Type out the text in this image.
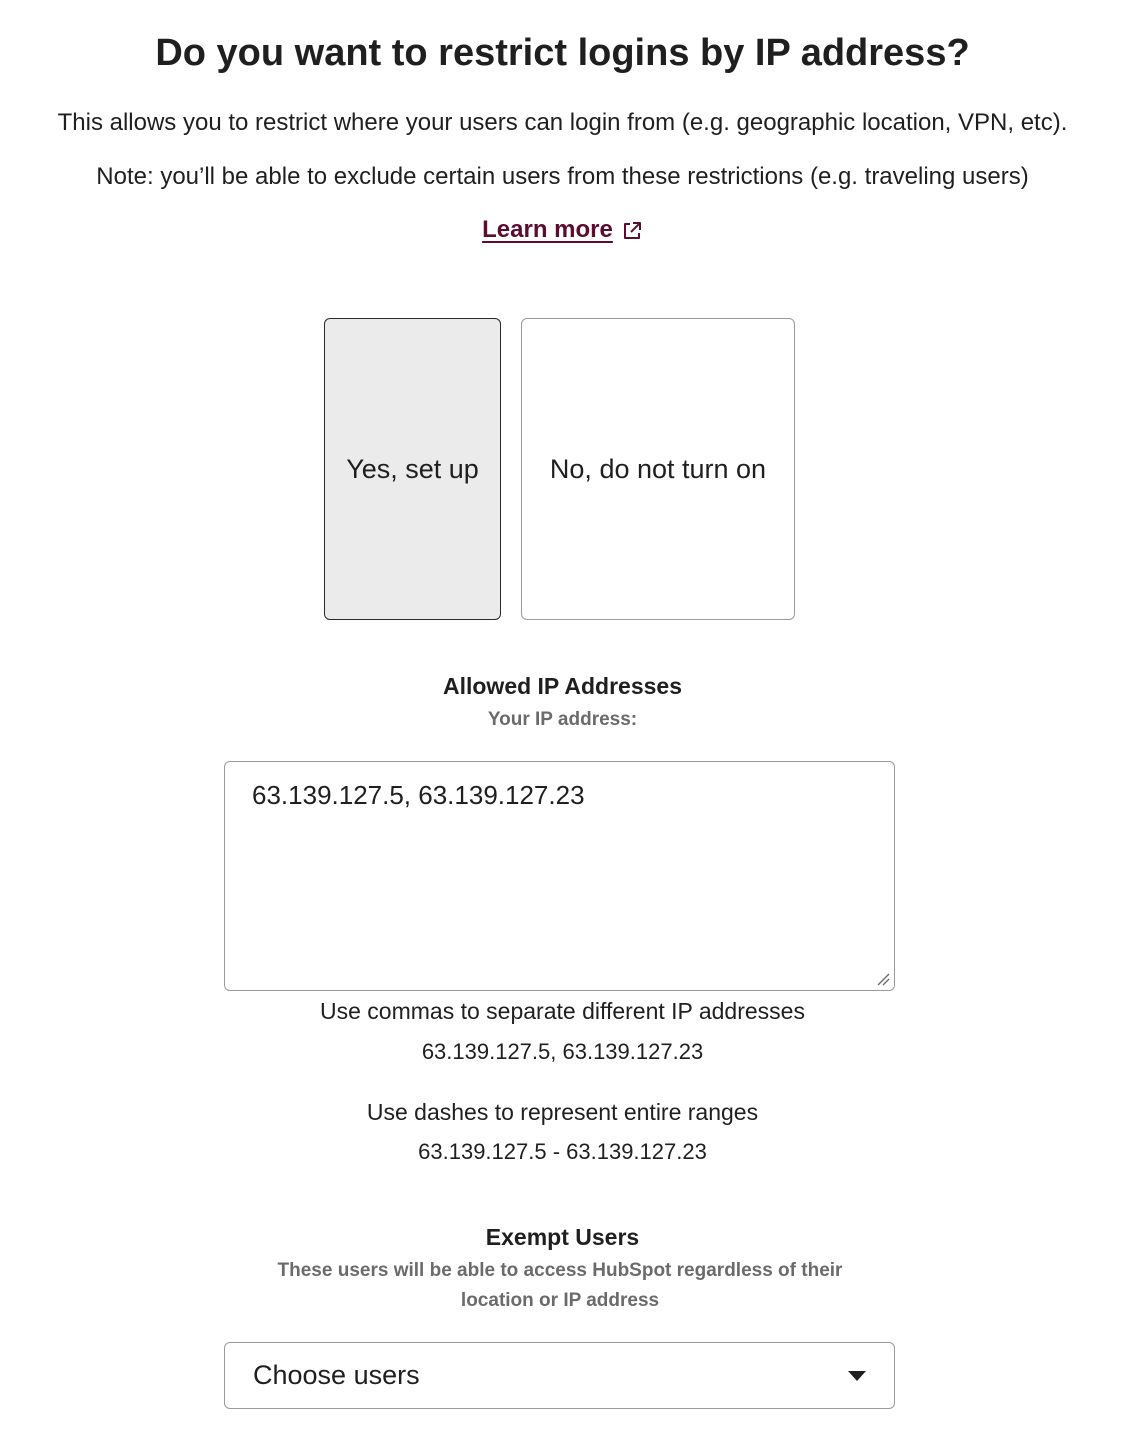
Do you want to restrict logins by IP address?
This allows you to restrict where your users can login from (e.g. geographic location, VPN, etc).
Note: you’ll be able to exclude certain users from these restrictions (e.g. traveling users)
Learn more
Yes, set up	No, do not turn on
Allowed IP Addresses
Your IP address:
63.139.127.5, 63.139.127.23
Use commas to separate different IP addresses
63.139.127.5, 63.139.127.23
Use dashes to represent entire ranges
63.139.127.5 - 63.139.127.23
Exempt Users
These users will be able to access HubSpot regardless of their location or IP address
Choose users
